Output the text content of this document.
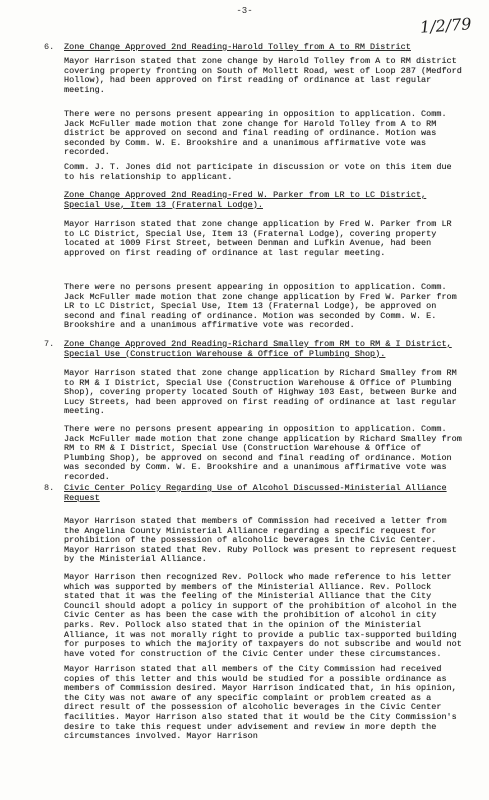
-3-
1/2/79
6. Zone Change Approved 2nd Reading-Harold Tolley from A to RM District

Mayor Harrison stated that zone change by Harold Tolley from A to RM district covering property fronting on South of Mollett Road, west of Loop 287 (Medford Hollow), had been approved on first reading of ordinance at last regular meeting.

There were no persons present appearing in opposition to application. Comm. Jack McFuller made motion that zone change for Harold Tolley from A to RM district be approved on second and final reading of ordinance. Motion was seconded by Comm. W. E. Brookshire and a unanimous affirmative vote was recorded.

Comm. J. T. Jones did not participate in discussion or vote on this item due to his relationship to applicant.

Zone Change Approved 2nd Reading-Fred W. Parker from LR to LC District, Special Use, Item 13 (Fraternal Lodge).

Mayor Harrison stated that zone change application by Fred W. Parker from LR to LC District, Special Use, Item 13 (Fraternal Lodge), covering property located at 1009 First Street, between Denman and Lufkin Avenue, had been approved on first reading of ordinance at last regular meeting.

There were no persons present appearing in opposition to application. Comm. Jack McFuller made motion that zone change application by Fred W. Parker from LR to LC District, Special Use, Item 13 (Fraternal Lodge), be approved on second and final reading of ordinance. Motion was seconded by Comm. W. E. Brookshire and a unanimous affirmative vote was recorded.

7. Zone Change Approved 2nd Reading-Richard Smalley from RM to RM & I District, Special Use (Construction Warehouse & Office of Plumbing Shop).

Mayor Harrison stated that zone change application by Richard Smalley from RM to RM & I District, Special Use (Construction Warehouse & Office of Plumbing Shop), covering property located South of Highway 103 East, between Burke and Lucy Streets, had been approved on first reading of ordinance at last regular meeting.

There were no persons present appearing in opposition to application. Comm. Jack McFuller made motion that zone change application by Richard Smalley from RM to RM & I District, Special Use (Construction Warehouse & Office of Plumbing Shop), be approved on second and final reading of ordinance. Motion was seconded by Comm. W. E. Brookshire and a unanimous affirmative vote was recorded.

8. Civic Center Policy Regarding Use of Alcohol Discussed-Ministerial Alliance Request

Mayor Harrison stated that members of Commission had received a letter from the Angelina County Ministerial Alliance regarding a specific request for prohibition of the possession of alcoholic beverages in the Civic Center. Mayor Harrison stated that Rev. Ruby Pollock was present to represent request by the Ministerial Alliance.

Mayor Harrison then recognized Rev. Pollock who made reference to his letter which was supported by members of the Ministerial Alliance. Rev. Pollock stated that it was the feeling of the Ministerial Alliance that the City Council should adopt a policy in support of the prohibition of alcohol in the Civic Center as has been the case with the prohibition of alcohol in city parks. Rev. Pollock also stated that in the opinion of the Ministerial Alliance, it was not morally right to provide a public tax-supported building for purposes to which the majority of taxpayers do not subscribe and would not have voted for construction of the Civic Center under these circumstances.

Mayor Harrison stated that all members of the City Commission had received copies of this letter and this would be studied for a possible ordinance as members of Commission desired. Mayor Harrison indicated that, in his opinion, the City was not aware of any specific complaint or problem created as a direct result of the possession of alcoholic beverages in the Civic Center facilities. Mayor Harrison also stated that it would be the City Commission's desire to take this request under advisement and review in more depth the circumstances involved. Mayor Harrison
